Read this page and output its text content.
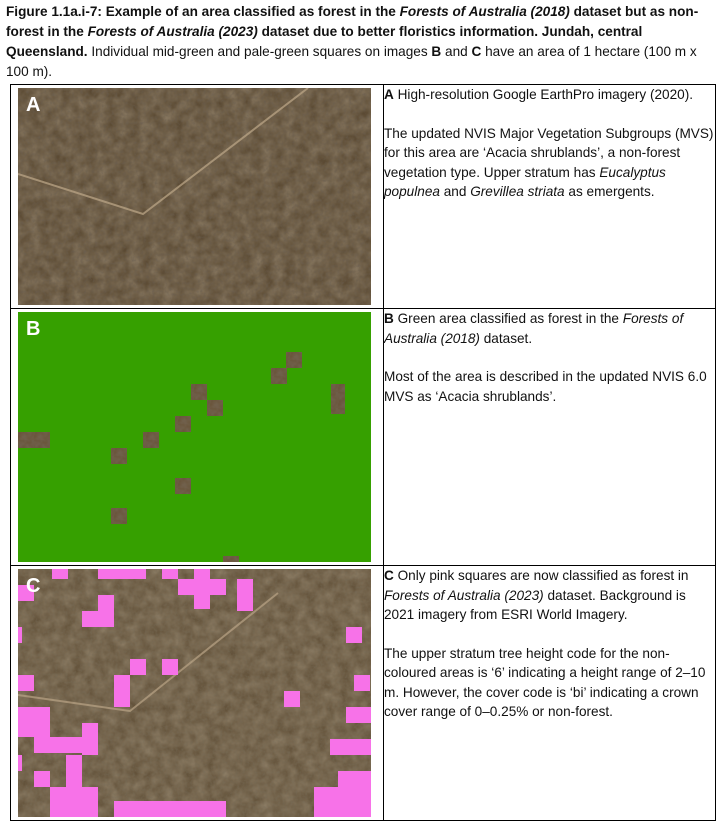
Figure 1.1a.i-7: Example of an area classified as forest in the Forests of Australia (2018) dataset but as non-forest in the Forests of Australia (2023) dataset due to better floristics information. Jundah, central Queensland. Individual mid-green and pale-green squares on images B and C have an area of 1 hectare (100 m x 100 m).
A	A High-resolution Google EarthPro imagery (2020).

The updated NVIS Major Vegetation Subgroups (MVS) for this area are ‘Acacia shrublands’, a non-forest vegetation type. Upper stratum has Eucalyptus populnea and Grevillea striata as emergents.

B	B Green area classified as forest in the Forests of Australia (2018) dataset.

Most of the area is described in the updated NVIS 6.0 MVS as ‘Acacia shrublands’.

C	C Only pink squares are now classified as forest in Forests of Australia (2023) dataset. Background is 2021 imagery from ESRI World Imagery.

The upper stratum tree height code for the non-coloured areas is ‘6’ indicating a height range of 2–10 m. However, the cover code is ‘bi’ indicating a crown cover range of 0–0.25% or non-forest.
